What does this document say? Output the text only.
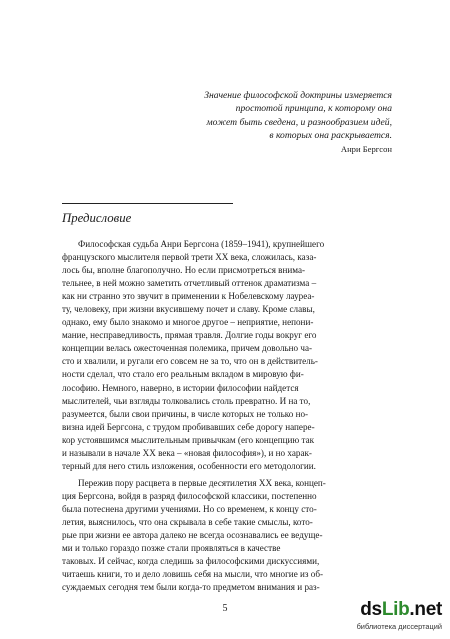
Значение философской доктрины измеряется
простотой принципа, к которому она
может быть сведена, и разнообразием идей,
в которых она раскрывается.
Анри Бергсон
Предисловие
Философская судьба Анри Бергсона (1859–1941), крупнейшего
французского мыслителя первой трети XX века, сложилась, каза-
лось бы, вполне благополучно. Но если присмотреться внима-
тельнее, в ней можно заметить отчетливый оттенок драматизма –
как ни странно это звучит в применении к Нобелевскому лауреа-
ту, человеку, при жизни вкусившему почет и славу. Кроме славы,
однако, ему было знакомо и многое другое – неприятие, непони-
мание, несправедливость, прямая травля. Долгие годы вокруг его
концепции велась ожесточенная полемика, причем довольно ча-
сто и хвалили, и ругали его совсем не за то, что он в действитель-
ности сделал, что стало его реальным вкладом в мировую фи-
лософию. Немного, наверно, в истории философии найдется
мыслителей, чьи взгляды толковались столь превратно. И на то,
разумеется, были свои причины, в числе которых не только но-
визна идей Бергсона, с трудом пробивавших себе дорогу напере-
кор устоявшимся мыслительным привычкам (его концепцию так
и называли в начале XX века – «новая философия»), и но харак-
терный для него стиль изложения, особенности его методологии.
Пережив пору расцвета в первые десятилетия XX века, концеп-
ция Бергсона, войдя в разряд философской классики, постепенно
была потеснена другими учениями. Но со временем, к концу сто-
летия, выяснилось, что она скрывала в себе такие смыслы, кото-
рые при жизни ее автора далеко не всегда осознавались ее ведуще-
ми и только гораздо позже стали проявляться в качестве
таковых. И сейчас, когда следишь за философскими дискуссиями,
читаешь книги, то и дело ловишь себя на мысли, что многие из об-
суждаемых сегодня тем были когда-то предметом внимания и раз-
5	dsLib.net
библиотека диссертаций
